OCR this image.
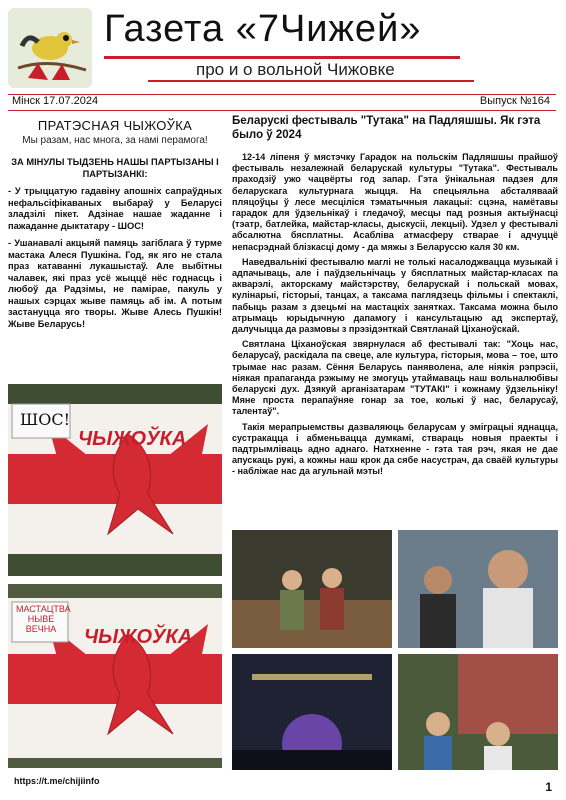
Газета «7Чижей»
про и о вольной Чижовке
Mінск 17.07.2024	Выпуск №164
ПРАТЭСНАЯ ЧЫЖОЎКА
Мы разам, нас многа, за намі перамога!
ЗА МІНУЛЫ ТЫДЗЕНЬ НАШЫ ПАРТЫЗАНЫ І ПАРТЫЗАНКІ:
- У трыццатую гадавіну апошніх сапраўдных нефальсіфікаваных выбараў у Беларусі зладзілі пікет. Адзінае нашае жаданне і пажаданне дыктатару - ШОС!
- Ушанавалі акцыяй памяць загіблага ў турме мастака Алеся Пушкіна. Год, як яго не стала праз катаванні лукашыстаў. Але выбітны чалавек, які праз усё жыццё нёс годнасць і любоў да Радзімы, не паміраe, пакуль у нашых сэрцах жыве памяць аб ім. А потым застануцца яго творы. Жыве Алесь Пушкін! Жыве Беларусь!
ШОС!
ЧЫЖОЎКА
МАСТАЦТВА НЫВЕ ВЕЧНА	ЧЫЖОЎКА
Беларускі фестываль "Тутака" на Падляшшы. Як гэта было ў 2024

12-14 ліпеня ў мястэчку Гарадок на польскім Падляшшы прайшоў фестываль незалежнай беларускай культуры "Тутака". Фестываль праходзіў ужо чацвёрты год запар. Гэта ўнікальная падзея для беларускага культурнага жыцця. На спецыяльна абсталяваай пляцоўцы ў лесе месціліся тэматычныя лакацыі: сцэна, намётавы гарадок для ўдзельнікаў і гледачоў, месцы пад розныя актыўнасці (тэатр, батлейка, майстар-класы, дыскусіі, лекцыі). Удзел у фестывалі абсалютна бясплатны. Асабліва атмасферу стварае і адчуццё непасрэднай блізкасці дому - да мяжы з Беларуссю каля 30 км.

Наведвальнікі фестывалю маглі не толькі насалоджвацца музыкай і адпачываць, але і паўдзельнічаць у бясплатных майстар-класах па акварэлі, акторскаму майстэрству, беларускай і польскай мовах, кулінарыі, гісторыі, танцах, а таксама паглядзець фільмы і спектаклі, пабыць разам з дзецьмі на мастацкіх занятках. Таксама можна было атрымаць юрыдычную дапамогу і кансультацыю ад экспертаў, далучыцца да размовы з прэзідэнткай Святланай Ціханоўскай.

Святлана Ціханоўская звярнулася аб фестывалі так: "Хоць нас, беларусаў, раскідала па свеце, але культура, гісторыя, мова – тое, што трымае нас разам. Сёння Беларусь паняволена, але ніякія рэпрэсіі, ніякая прапаганда рэжыму не змогуць утаймаваць наш вольналюбівы беларускі дух. Дзякуй арганізатарам "ТУТАКІ" і кожнаму ўдзельніку! Мяне проста перапаўняе гонар за тое, колькі ў нас, беларусаў, талентаў".

Такія мерапрыемствы дазваляюць беларусам у эміграцыі яднацца, сустракацца і абменьвацца думкамі, ствараць новыя праекты і падтрымліваць адно аднаго. Натхненне - гэта тая рэч, якая не дае апускаць рукі, а кожны наш крок да сябе насустрач, да сваёй культуры - набліжае нас да агульнай мэты!

https://t.me/chijiinfo	1
